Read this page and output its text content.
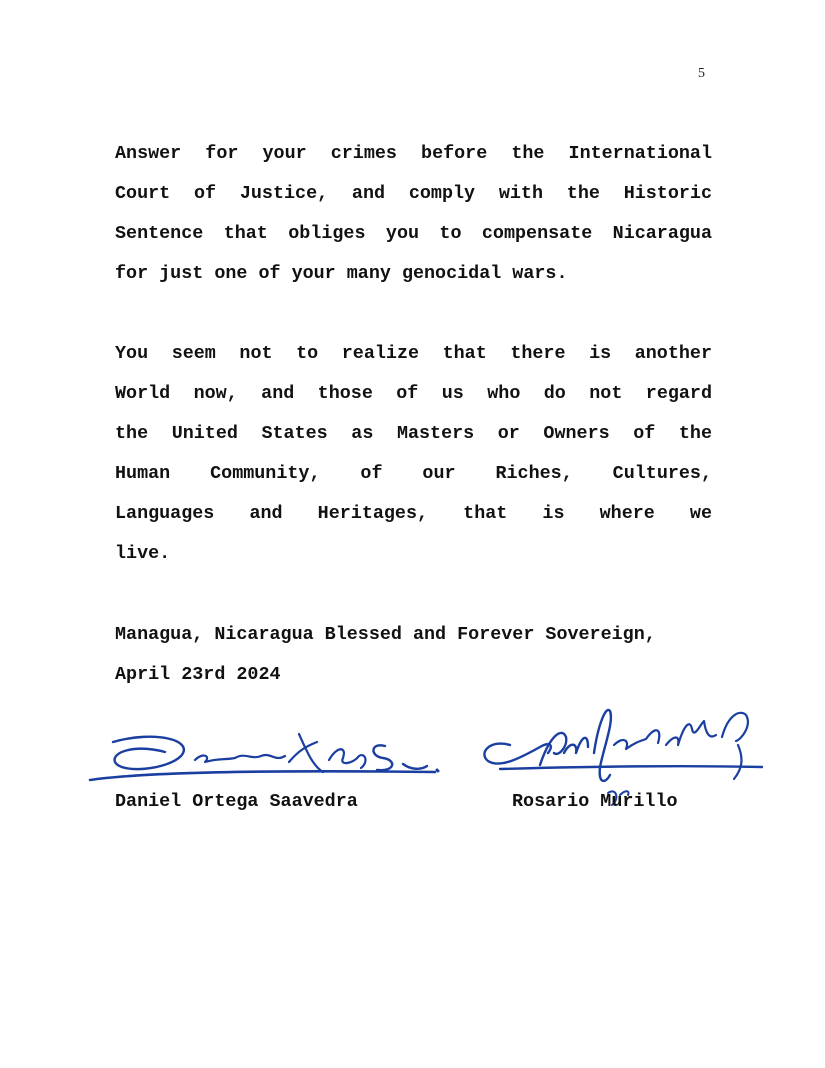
5
Answer for your crimes before the International
Court of Justice, and comply with the Historic
Sentence that obliges you to compensate Nicaragua
for just one of your many genocidal wars.
You seem not to realize that there is another
World now, and those of us who do not regard
the United States as Masters or Owners of the
Human Community, of our Riches, Cultures,
Languages and Heritages, that is where we
live.
Managua, Nicaragua Blessed and Forever Sovereign,
April 23rd 2024
Daniel Ortega Saavedra	Rosario Murillo
